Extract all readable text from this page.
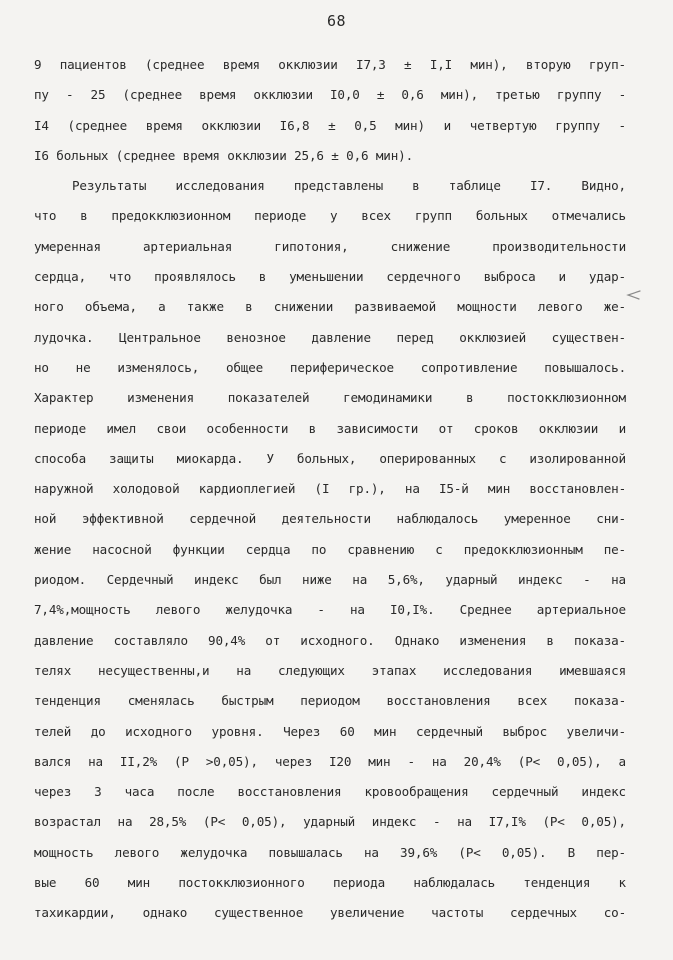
68
9 пациентов (среднее время окклюзии I7,3 ± I,I мин), вторую груп-
пу - 25 (среднее время окклюзии I0,0 ± 0,6 мин), третью группу -
I4 (среднее время окклюзии I6,8 ± 0,5 мин) и четвертую группу -
I6 больных (среднее время окклюзии 25,6 ± 0,6 мин).
Результаты исследования представлены в таблице I7. Видно,
что в предокклюзионном периоде у всех групп больных отмечались
умеренная артериальная гипотония, снижение производительности
сердца, что проявлялось в уменьшении сердечного выброса и удар-
ного объема, а также в снижении развиваемой мощности левого же-
лудочка. Центральное венозное давление перед окклюзией существен-
но не изменялось, общее периферическое сопротивление повышалось.
Характер изменения показателей гемодинамики в постокклюзионном
периоде имел свои особенности в зависимости от сроков окклюзии и
способа защиты миокарда. У больных, оперированных с изолированной
наружной холодовой кардиоплегией (I гр.), на I5-й мин восстановлен-
ной эффективной сердечной деятельности наблюдалось умеренное сни-
жение насосной функции сердца по сравнению с предокклюзионным пе-
риодом. Сердечный индекс был ниже на 5,6%, ударный индекс - на
7,4%,мощность левого желудочка - на I0,I%. Среднее артериальное
давление составляло 90,4% от исходного. Однако изменения в показа-
телях несущественны,и на следующих этапах исследования имевшаяся
тенденция сменялась быстрым периодом восстановления всех показа-
телей до исходного уровня. Через 60 мин сердечный выброс увеличи-
вался на II,2% (P >0,05), через I20 мин - на 20,4% (P< 0,05), а
через 3 часа после восстановления кровообращения сердечный индекс
возрастал на 28,5% (P< 0,05), ударный индекс - на I7,I% (P< 0,05),
мощность левого желудочка повышалась на 39,6% (P< 0,05). В пер-
вые 60 мин постокклюзионного периода наблюдалась тенденция к
тахикардии, однако существенное увеличение частоты сердечных со-
